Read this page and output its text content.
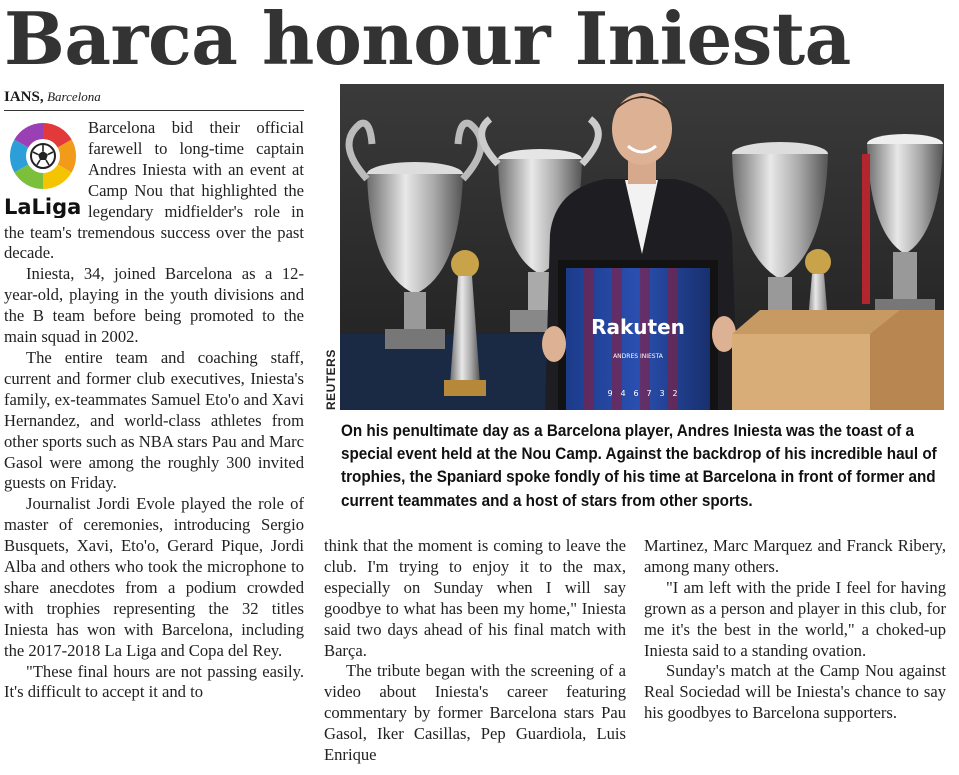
Barca honour Iniesta
IANS, Barcelona
LaLiga

Barcelona bid their official farewell to long-time captain Andres Iniesta with an event at Camp Nou that highlighted the legendary midfielder's role in the team's tremendous success over the past decade.

Iniesta, 34, joined Barcelona as a 12-year-old, playing in the youth divisions and the B team before being promoted to the main squad in 2002.

The entire team and coaching staff, current and former club executives, Iniesta's family, ex-teammates Samuel Eto'o and Xavi Hernandez, and world-class athletes from other sports such as NBA stars Pau and Marc Gasol were among the roughly 300 invited guests on Friday.

Journalist Jordi Evole played the role of master of ceremonies, introducing Sergio Busquets, Xavi, Eto'o, Gerard Pique, Jordi Alba and others who took the microphone to share anecdotes from a podium crowded with trophies representing the 32 titles Iniesta has won with Barcelona, including the 2017-2018 La Liga and Copa del Rey.

"These final hours are not passing easily. It's difficult to accept it and to

REUTERS
Rakuten
ANDRES INIESTA
9 4 6 7 3 2

On his penultimate day as a Barcelona player, Andres Iniesta was the toast of a special event held at the Nou Camp. Against the backdrop of his incredible haul of trophies, the Spaniard spoke fondly of his time at Barcelona in front of former and current teammates and a host of stars from other sports.

think that the moment is coming to leave the club. I'm trying to enjoy it to the max, especially on Sunday when I will say goodbye to what has been my home," Iniesta said two days ahead of his final match with Barça.

The tribute began with the screening of a video about Iniesta's career featuring commentary by former Barcelona stars Pau Gasol, Iker Casillas, Pep Guardiola, Luis Enrique

Martinez, Marc Marquez and Franck Ribery, among many others.

"I am left with the pride I feel for having grown as a person and player in this club, for me it's the best in the world," a choked-up Iniesta said to a standing ovation.

Sunday's match at the Camp Nou against Real Sociedad will be Iniesta's chance to say his goodbyes to Barcelona supporters.
